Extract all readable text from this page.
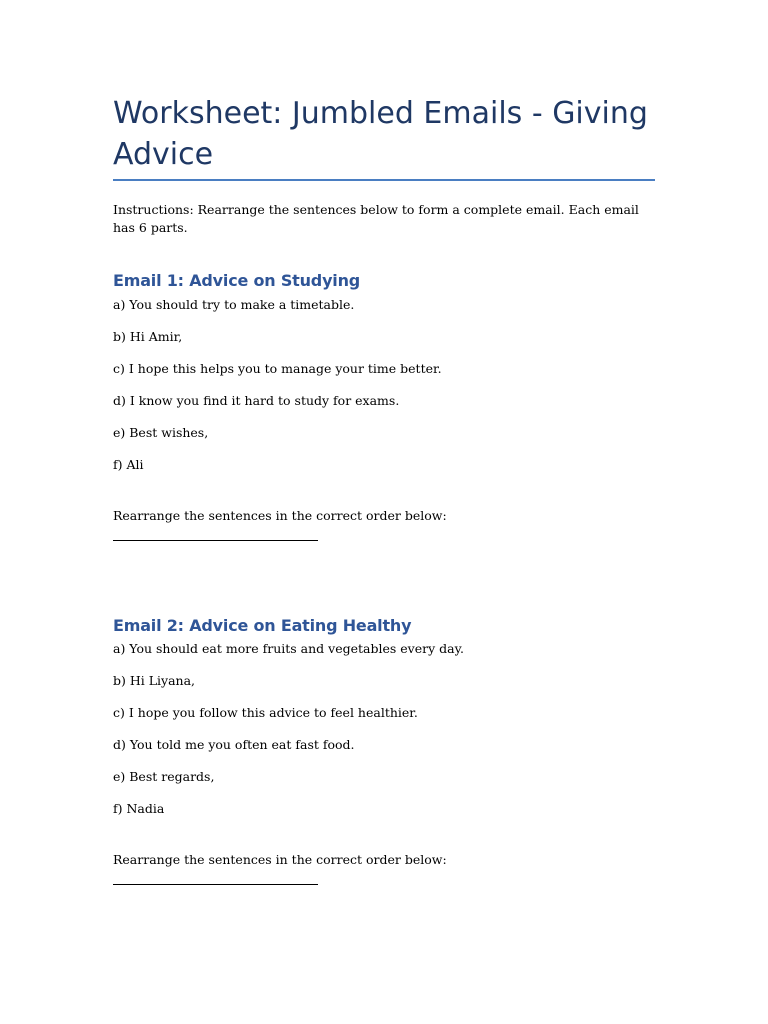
Worksheet: Jumbled Emails - Giving Advice

Instructions: Rearrange the sentences below to form a complete email. Each email has 6 parts.

Email 1: Advice on Studying

a) You should try to make a timetable.

b) Hi Amir,

c) I hope this helps you to manage your time better.

d) I know you find it hard to study for exams.

e) Best wishes,

f) Ali

Rearrange the sentences in the correct order below:

Email 2: Advice on Eating Healthy

a) You should eat more fruits and vegetables every day.

b) Hi Liyana,

c) I hope you follow this advice to feel healthier.

d) You told me you often eat fast food.

e) Best regards,

f) Nadia

Rearrange the sentences in the correct order below:
